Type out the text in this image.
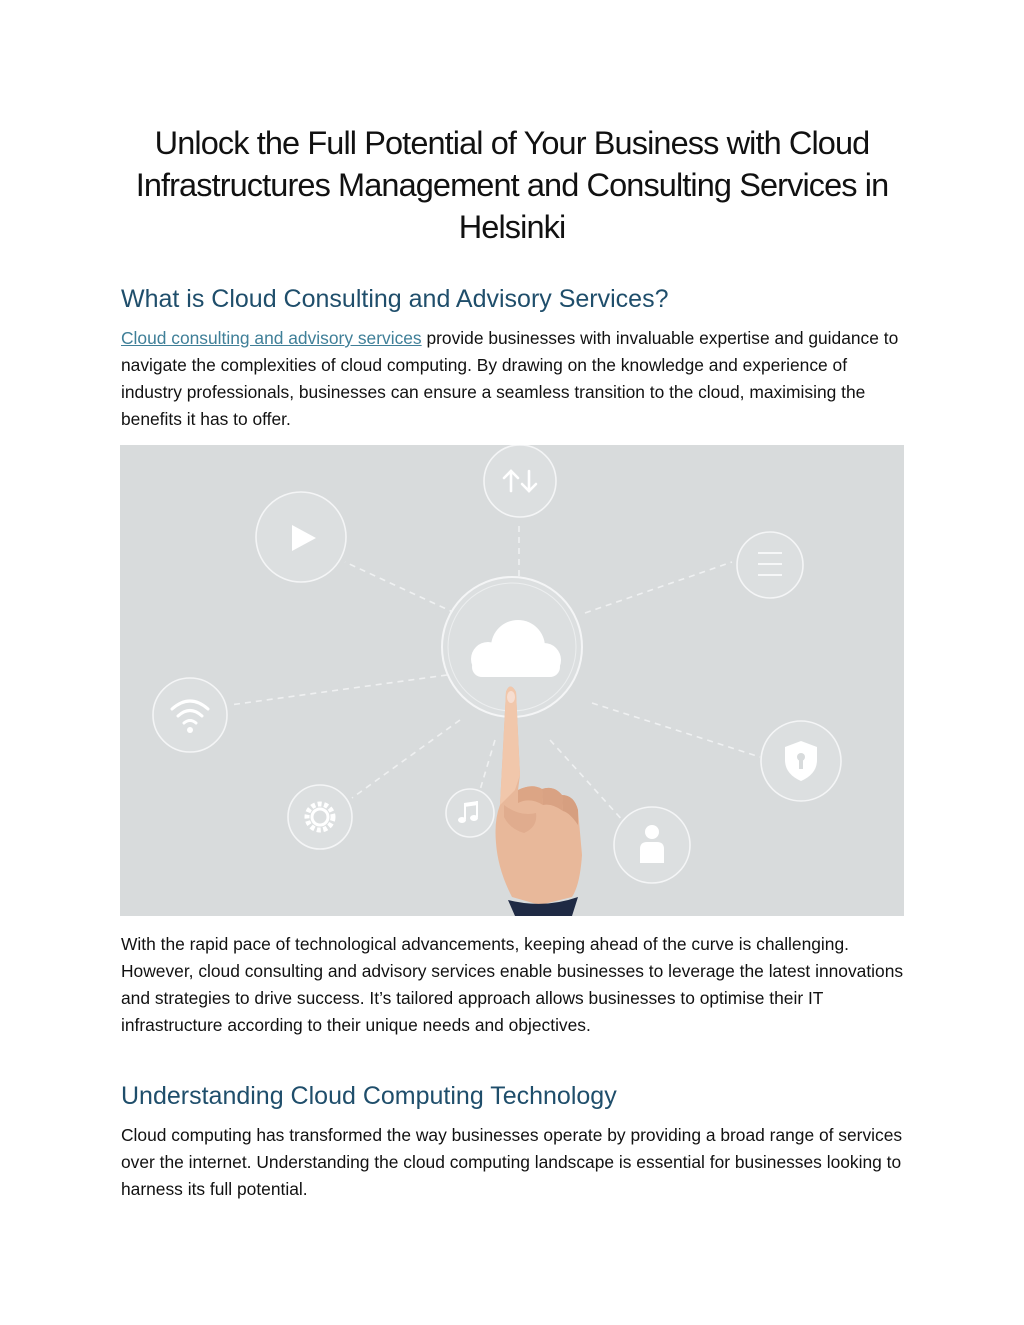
Unlock the Full Potential of Your Business with Cloud Infrastructures Management and Consulting Services in Helsinki
What is Cloud Consulting and Advisory Services?

Cloud consulting and advisory services provide businesses with invaluable expertise and guidance to navigate the complexities of cloud computing. By drawing on the knowledge and experience of industry professionals, businesses can ensure a seamless transition to the cloud, maximising the benefits it has to offer.

With the rapid pace of technological advancements, keeping ahead of the curve is challenging. However, cloud consulting and advisory services enable businesses to leverage the latest innovations and strategies to drive success. It’s tailored approach allows businesses to optimise their IT infrastructure according to their unique needs and objectives.

Understanding Cloud Computing Technology

Cloud computing has transformed the way businesses operate by providing a broad range of services over the internet. Understanding the cloud computing landscape is essential for businesses looking to harness its full potential.
